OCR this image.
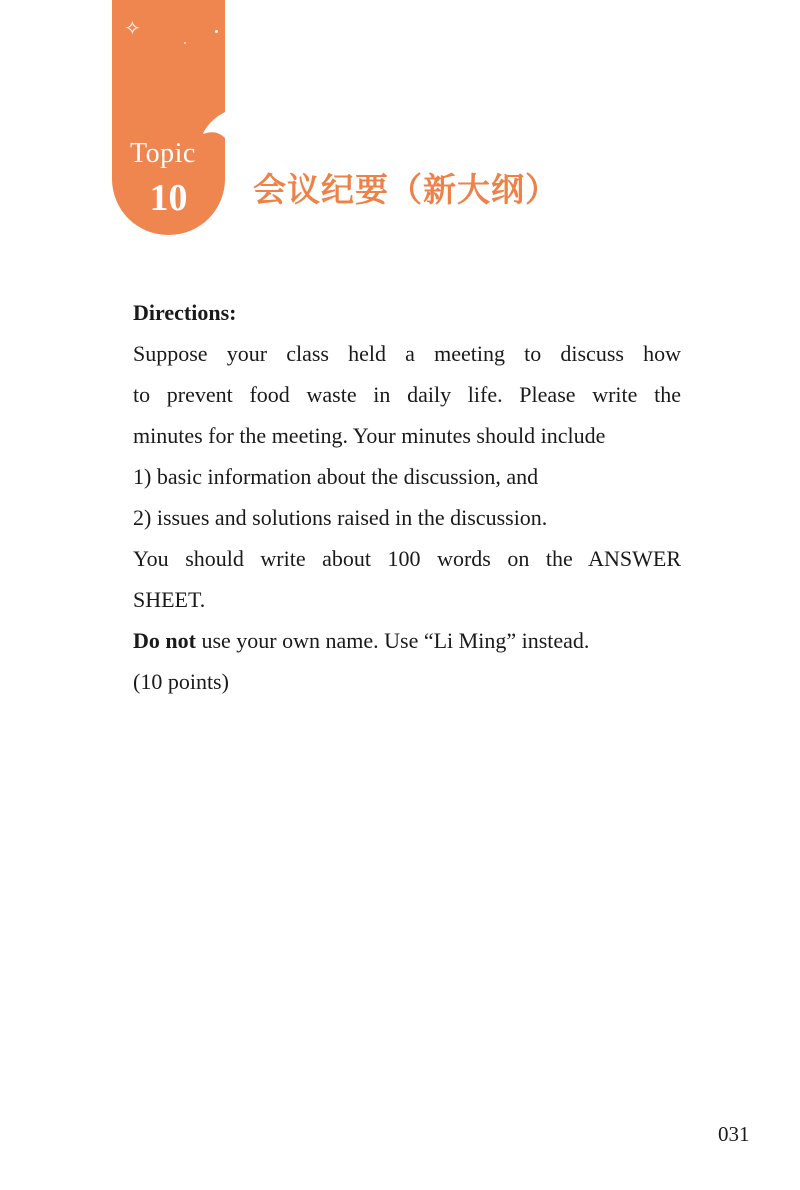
✧
Topic
10	会议纪要（新大纲）
Directions:
Suppose your class held a meeting to discuss how
to prevent food waste in daily life. Please write the
minutes for the meeting. Your minutes should include
1) basic information about the discussion, and
2) issues and solutions raised in the discussion.
You should write about 100 words on the ANSWER
SHEET.
Do not use your own name. Use “Li Ming” instead.
(10 points)
031
